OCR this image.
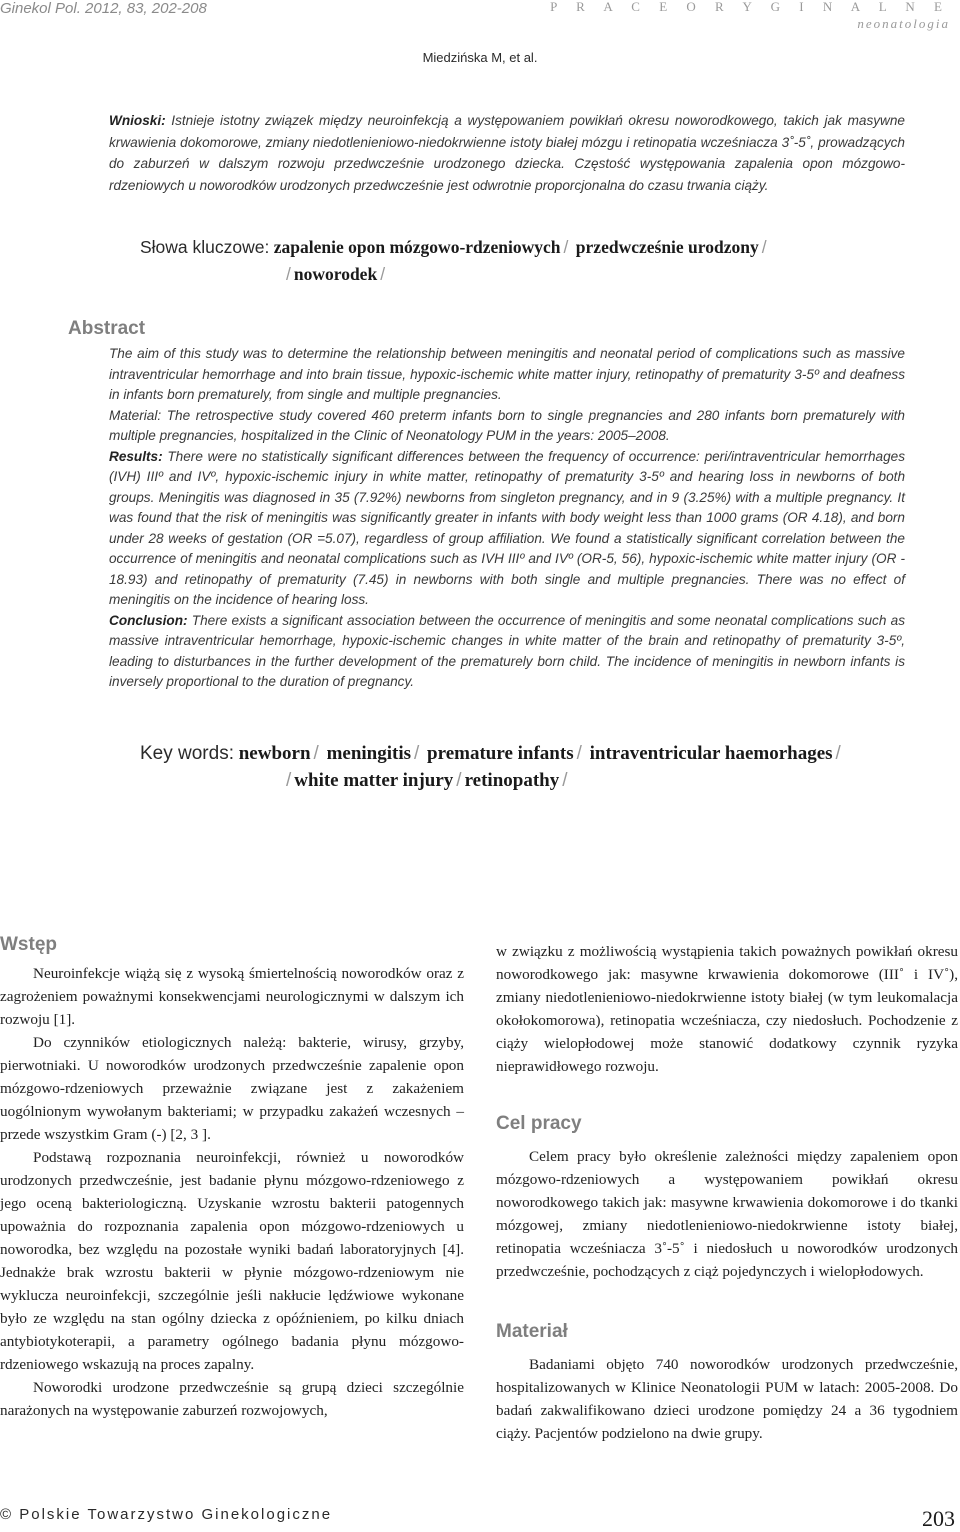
Ginekol Pol. 2012, 83, 202-208	P R A C E O R Y G I N A L N E
neonatologia
Miedzińska M, et al.
Wnioski: Istnieje istotny związek między neuroinfekcją a występowaniem powikłań okresu noworodkowego, takich jak masywne krwawienia dokomorowe, zmiany niedotlenieniowo-niedokrwienne istoty białej mózgu i retinopatia wcześniacza 3˚-5˚, prowadzących do zaburzeń w dalszym rozwoju przedwcześnie urodzonego dziecka. Częstość występowania zapalenia opon mózgowo-rdzeniowych u noworodków urodzonych przedwcześnie jest odwrotnie proporcjonalna do czasu trwania ciąży.
Słowa kluczowe: zapalenie opon mózgowo-rdzeniowych / przedwcześnie urodzony /
/ noworodek /
Abstract

The aim of this study was to determine the relationship between meningitis and neonatal period of complications such as massive intraventricular hemorrhage and into brain tissue, hypoxic-ischemic white matter injury, retinopathy of prematurity 3-5º and deafness in infants born prematurely, from single and multiple pregnancies.

Material: The retrospective study covered 460 preterm infants born to single pregnancies and 280 infants born prematurely with multiple pregnancies, hospitalized in the Clinic of Neonatology PUM in the years: 2005–2008.

Results: There were no statistically significant differences between the frequency of occurrence: peri/intraventricular hemorrhages (IVH) IIIº and IVº, hypoxic-ischemic injury in white matter, retinopathy of prematurity 3-5º and hearing loss in newborns of both groups. Meningitis was diagnosed in 35 (7.92%) newborns from singleton pregnancy, and in 9 (3.25%) with a multiple pregnancy. It was found that the risk of meningitis was significantly greater in infants with body weight less than 1000 grams (OR 4.18), and born under 28 weeks of gestation (OR =5.07), regardless of group affiliation. We found a statistically significant correlation between the occurrence of meningitis and neonatal complications such as IVH IIIº and IVº (OR-5, 56), hypoxic-ischemic white matter injury (OR - 18.93) and retinopathy of prematurity (7.45) in newborns with both single and multiple pregnancies. There was no effect of meningitis on the incidence of hearing loss.

Conclusion: There exists a significant association between the occurrence of meningitis and some neonatal complications such as massive intraventricular hemorrhage, hypoxic-ischemic changes in white matter of the brain and retinopathy of prematurity 3-5º, leading to disturbances in the further development of the prematurely born child. The incidence of meningitis in newborn infants is inversely proportional to the duration of pregnancy.

Key words: newborn / meningitis / premature infants / intraventricular haemorhages /
/ white matter injury / retinopathy /
Wstęp

Neuroinfekcje wiążą się z wysoką śmiertelnością noworodków oraz z zagrożeniem poważnymi konsekwencjami neurologicznymi w dalszym ich rozwoju [1].

Do czynników etiologicznych należą: bakterie, wirusy, grzyby, pierwotniaki. U noworodków urodzonych przedwcześnie zapalenie opon mózgowo-rdzeniowych przeważnie związane jest z zakażeniem uogólnionym wywołanym bakteriami; w przypadku zakażeń wczesnych – przede wszystkim Gram (-) [2, 3 ].

Podstawą rozpoznania neuroinfekcji, również u noworodków urodzonych przedwcześnie, jest badanie płynu mózgowo-rdzeniowego z jego oceną bakteriologiczną. Uzyskanie wzrostu bakterii patogennych upoważnia do rozpoznania zapalenia opon mózgowo-rdzeniowych u noworodka, bez względu na pozostałe wyniki badań laboratoryjnych [4]. Jednakże brak wzrostu bakterii w płynie mózgowo-rdzeniowym nie wyklucza neuroinfekcji, szczególnie jeśli nakłucie lędźwiowe wykonane było ze względu na stan ogólny dziecka z opóźnieniem, po kilku dniach antybiotykoterapii, a parametry ogólnego badania płynu mózgowo-rdzeniowego wskazują na proces zapalny.

Noworodki urodzone przedwcześnie są grupą dzieci szczególnie narażonych na występowanie zaburzeń rozwojowych,

w związku z możliwością wystąpienia takich poważnych powikłań okresu noworodkowego jak: masywne krwawienia dokomorowe (III˚ i IV˚), zmiany niedotlenieniowo-niedokrwienne istoty białej (w tym leukomalacja okołokomorowa), retinopatia wcześniacza, czy niedosłuch. Pochodzenie z ciąży wielopłodowej może stanowić dodatkowy czynnik ryzyka nieprawidłowego rozwoju.

Cel pracy

Celem pracy było określenie zależności między zapaleniem opon mózgowo-rdzeniowych a występowaniem powikłań okresu noworodkowego takich jak: masywne krwawienia dokomorowe i do tkanki mózgowej, zmiany niedotlenieniowo-niedokrwienne istoty białej, retinopatia wcześniacza 3˚-5˚ i niedosłuch u noworodków urodzonych przedwcześnie, pochodzących z ciąż pojedynczych i wielopłodowych.

Materiał

Badaniami objęto 740 noworodków urodzonych przedwcześnie, hospitalizowanych w Klinice Neonatologii PUM w latach: 2005-2008. Do badań zakwalifikowano dzieci urodzone pomiędzy 24 a 36 tygodniem ciąży. Pacjentów podzielono na dwie grupy.

© Polskie Towarzystwo Ginekologiczne	203
